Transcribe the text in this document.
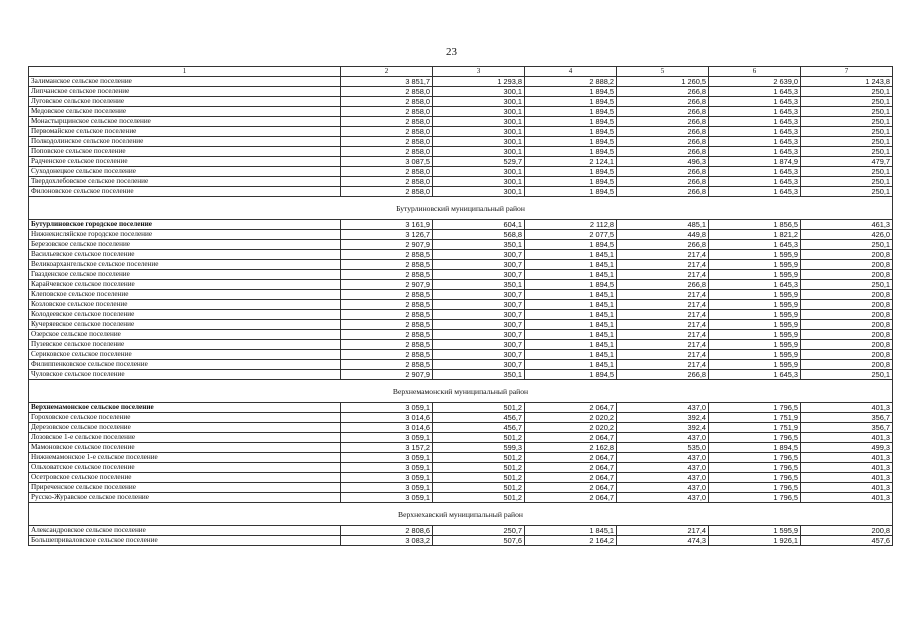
23
1	2	3	4	5	6	7
Залиманское сельское поселение	3 851,7	1 293,8	2 888,2	1 260,5	2 639,0	1 243,8
Липчанское сельское поселение	2 858,0	300,1	1 894,5	266,8	1 645,3	250,1
Луговское сельское поселение	2 858,0	300,1	1 894,5	266,8	1 645,3	250,1
Медовское сельское поселение	2 858,0	300,1	1 894,5	266,8	1 645,3	250,1
Монастырщинское сельское поселение	2 858,0	300,1	1 894,5	266,8	1 645,3	250,1
Первомайское сельское поселение	2 858,0	300,1	1 894,5	266,8	1 645,3	250,1
Полкодолинское сельское поселение	2 858,0	300,1	1 894,5	266,8	1 645,3	250,1
Поповское сельское поселение	2 858,0	300,1	1 894,5	266,8	1 645,3	250,1
Радченское сельское поселение	3 087,5	529,7	2 124,1	496,3	1 874,9	479,7
Суходонецкое сельское поселение	2 858,0	300,1	1 894,5	266,8	1 645,3	250,1
Твердохлебовское сельское поселение	2 858,0	300,1	1 894,5	266,8	1 645,3	250,1
Филоновское сельское поселение	2 858,0	300,1	1 894,5	266,8	1 645,3	250,1
Бутурлиновский муниципальный район						
Бутурлиновское городское поселение	3 161,9	604,1	2 112,8	485,1	1 856,5	461,3
Нижнекисляйское городское поселение	3 126,7	568,8	2 077,5	449,8	1 821,2	426,0
Березовское сельское поселение	2 907,9	350,1	1 894,5	266,8	1 645,3	250,1
Васильевское сельское поселение	2 858,5	300,7	1 845,1	217,4	1 595,9	200,8
Великоархангельское сельское поселение	2 858,5	300,7	1 845,1	217,4	1 595,9	200,8
Гвазденское сельское поселение	2 858,5	300,7	1 845,1	217,4	1 595,9	200,8
Карайчевское сельское поселение	2 907,9	350,1	1 894,5	266,8	1 645,3	250,1
Клеповское сельское поселение	2 858,5	300,7	1 845,1	217,4	1 595,9	200,8
Козловское сельское поселение	2 858,5	300,7	1 845,1	217,4	1 595,9	200,8
Колодеевское сельское поселение	2 858,5	300,7	1 845,1	217,4	1 595,9	200,8
Кучеряевское сельское поселение	2 858,5	300,7	1 845,1	217,4	1 595,9	200,8
Озерское сельское поселение	2 858,5	300,7	1 845,1	217,4	1 595,9	200,8
Пузевское сельское поселение	2 858,5	300,7	1 845,1	217,4	1 595,9	200,8
Сериковское сельское поселение	2 858,5	300,7	1 845,1	217,4	1 595,9	200,8
Филиппенковское сельское поселение	2 858,5	300,7	1 845,1	217,4	1 595,9	200,8
Чуловское сельское поселение	2 907,9	350,1	1 894,5	266,8	1 645,3	250,1
Верхнемамонский муниципальный район						
Верхнемамонское сельское поселение	3 059,1	501,2	2 064,7	437,0	1 796,5	401,3
Гороховское сельское поселение	3 014,6	456,7	2 020,2	392,4	1 751,9	356,7
Дерезовское сельское поселение	3 014,6	456,7	2 020,2	392,4	1 751,9	356,7
Лозовское 1-е сельское поселение	3 059,1	501,2	2 064,7	437,0	1 796,5	401,3
Мамоновское сельское поселение	3 157,2	599,3	2 162,8	535,0	1 894,5	499,3
Нижнемамонское 1-е сельское поселение	3 059,1	501,2	2 064,7	437,0	1 796,5	401,3
Ольховатское сельское поселение	3 059,1	501,2	2 064,7	437,0	1 796,5	401,3
Осетровское сельское поселение	3 059,1	501,2	2 064,7	437,0	1 796,5	401,3
Приреченское сельское поселение	3 059,1	501,2	2 064,7	437,0	1 796,5	401,3
Русско-Журавское сельское поселение	3 059,1	501,2	2 064,7	437,0	1 796,5	401,3
Верхнехавский муниципальный район						
Александровское сельское поселение	2 808,6	250,7	1 845,1	217,4	1 595,9	200,8
Большеприваловское сельское поселение	3 083,2	507,6	2 164,2	474,3	1 926,1	457,6
